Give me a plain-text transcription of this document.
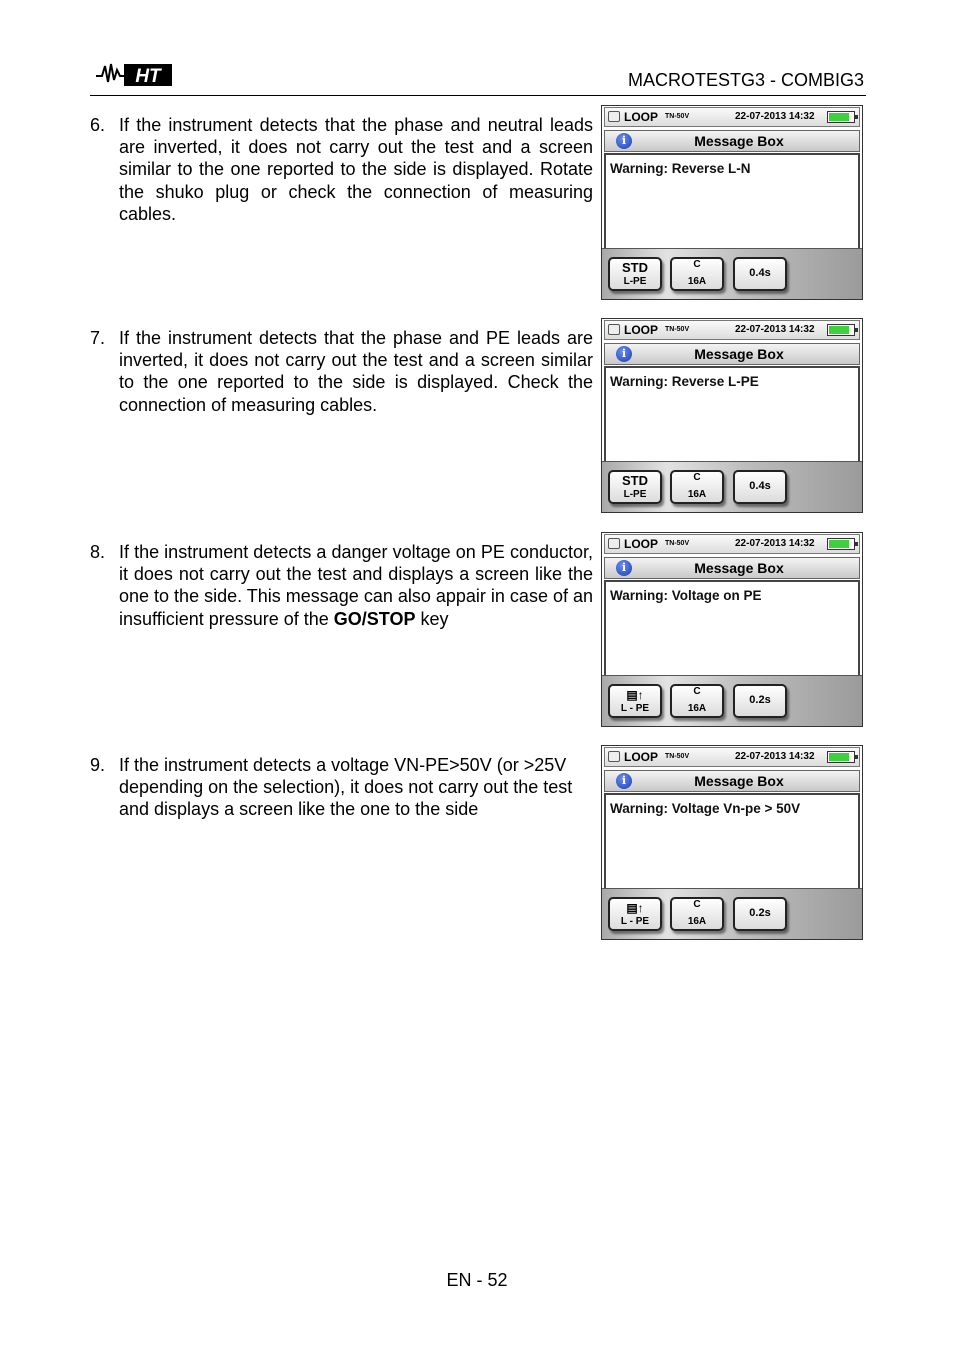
HT	MACROTESTG3 - COMBIG3
6. If the instrument detects that the phase and neutral leads are inverted, it does not carry out the test and a screen similar to the one reported to the side is displayed. Rotate the shuko plug or check the connection of measuring cables.
LOOP TN-50V	22-07-2013 14:32
i	Message Box
Warning: Reverse L-N
STD
L-PE
C
16A
0.4s
7. If the instrument detects that the phase and PE leads are inverted, it does not carry out the test and a screen similar to the one reported to the side is displayed. Check the connection of measuring cables.
LOOP TN-50V	22-07-2013 14:32
i	Message Box
Warning: Reverse L-PE
STD
L-PE
C
16A
0.4s
8. If the instrument detects a danger voltage on PE conductor, it does not carry out the test and displays a screen like the one to the side. This message can also appair in case of an insufficient pressure of the GO/STOP key
LOOP TN-50V	22-07-2013 14:32
i	Message Box
Warning: Voltage on PE
▤↑
L - PE
C
16A
0.2s
9. If the instrument detects a voltage VN-PE>50V (or >25V depending on the selection), it does not carry out the test and displays a screen like the one to the side
LOOP TN-50V	22-07-2013 14:32
i	Message Box
Warning: Voltage Vn-pe > 50V
▤↑
L - PE
C
16A
0.2s
EN - 52
